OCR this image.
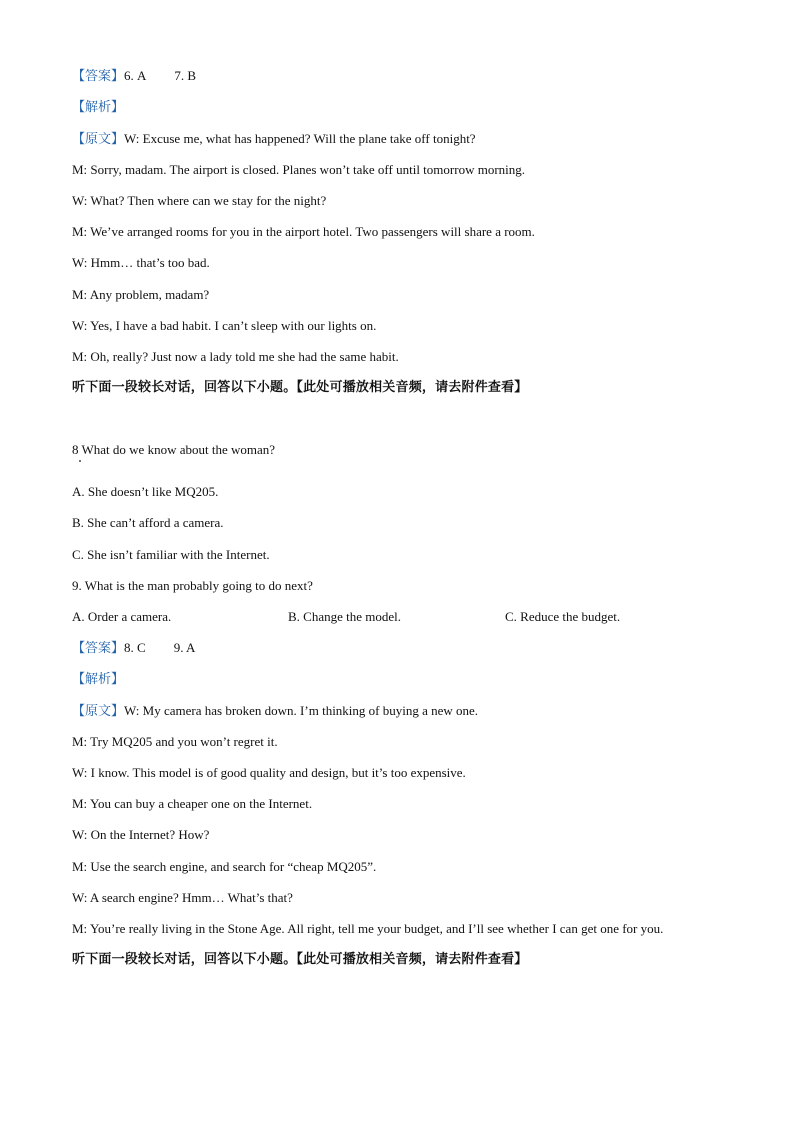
【答案】6. A 7. B
【解析】
【原文】W: Excuse me, what has happened? Will the plane take off tonight?
M: Sorry, madam. The airport is closed. Planes won’t take off until tomorrow morning.
W: What? Then where can we stay for the night?
M: We’ve arranged rooms for you in the airport hotel. Two passengers will share a room.
W: Hmm… that’s too bad.
M: Any problem, madam?
W: Yes, I have a bad habit. I can’t sleep with our lights on.
M: Oh, really? Just now a lady told me she had the same habit.
听下面一段较长对话，回答以下小题。【此处可播放相关音频，请去附件查看】
8 What do we know about the woman?
A. She doesn’t like MQ205.
B. She can’t afford a camera.
C. She isn’t familiar with the Internet.
9. What is the man probably going to do next?
A. Order a camera.	B. Change the model.	C. Reduce the budget.
【答案】8. C 9. A
【解析】
【原文】W: My camera has broken down. I’m thinking of buying a new one.
M: Try MQ205 and you won’t regret it.
W: I know. This model is of good quality and design, but it’s too expensive.
M: You can buy a cheaper one on the Internet.
W: On the Internet? How?
M: Use the search engine, and search for “cheap MQ205”.
W: A search engine? Hmm… What’s that?
M: You’re really living in the Stone Age. All right, tell me your budget, and I’ll see whether I can get one for you.
听下面一段较长对话，回答以下小题。【此处可播放相关音频，请去附件查看】
